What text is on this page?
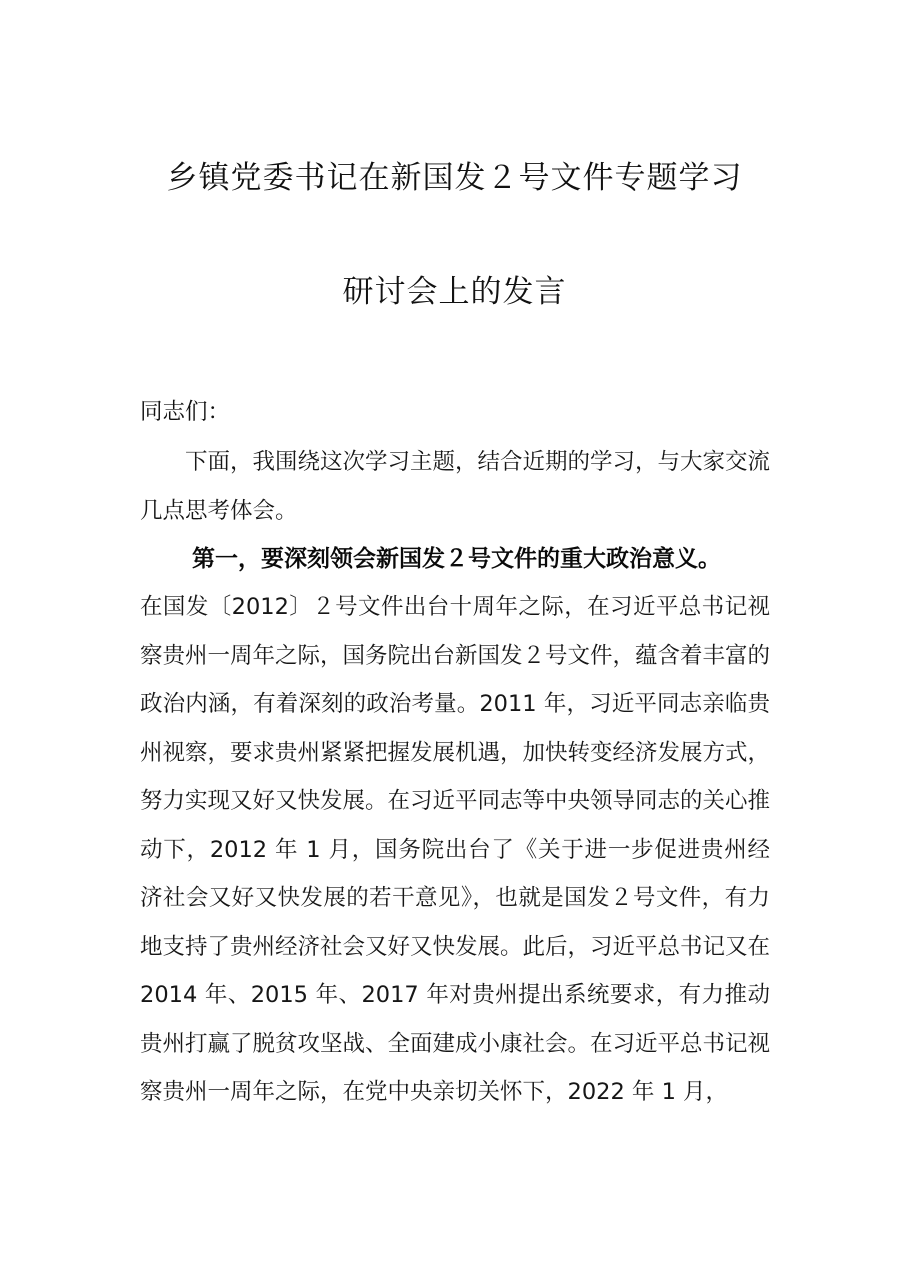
乡镇党委书记在新国发２号文件专题学习
研讨会上的发言
同志们：
下面，我围绕这次学习主题，结合近期的学习，与大家交流几点思考体会。
第一，要深刻领会新国发２号文件的重大政治意义。
在国发〔2012〕２号文件出台十周年之际，在习近平总书记视察贵州一周年之际，国务院出台新国发２号文件，蕴含着丰富的政治内涵，有着深刻的政治考量。2011 年，习近平同志亲临贵州视察，要求贵州紧紧把握发展机遇，加快转变经济发展方式，努力实现又好又快发展。在习近平同志等中央领导同志的关心推动下，2012 年 1 月，国务院出台了《关于进一步促进贵州经济社会又好又快发展的若干意见》，也就是国发２号文件，有力地支持了贵州经济社会又好又快发展。此后，习近平总书记又在 2014 年、2015 年、2017 年对贵州提出系统要求，有力推动贵州打赢了脱贫攻坚战、全面建成小康社会。在习近平总书记视察贵州一周年之际，在党中央亲切关怀下，2022 年 1 月，
